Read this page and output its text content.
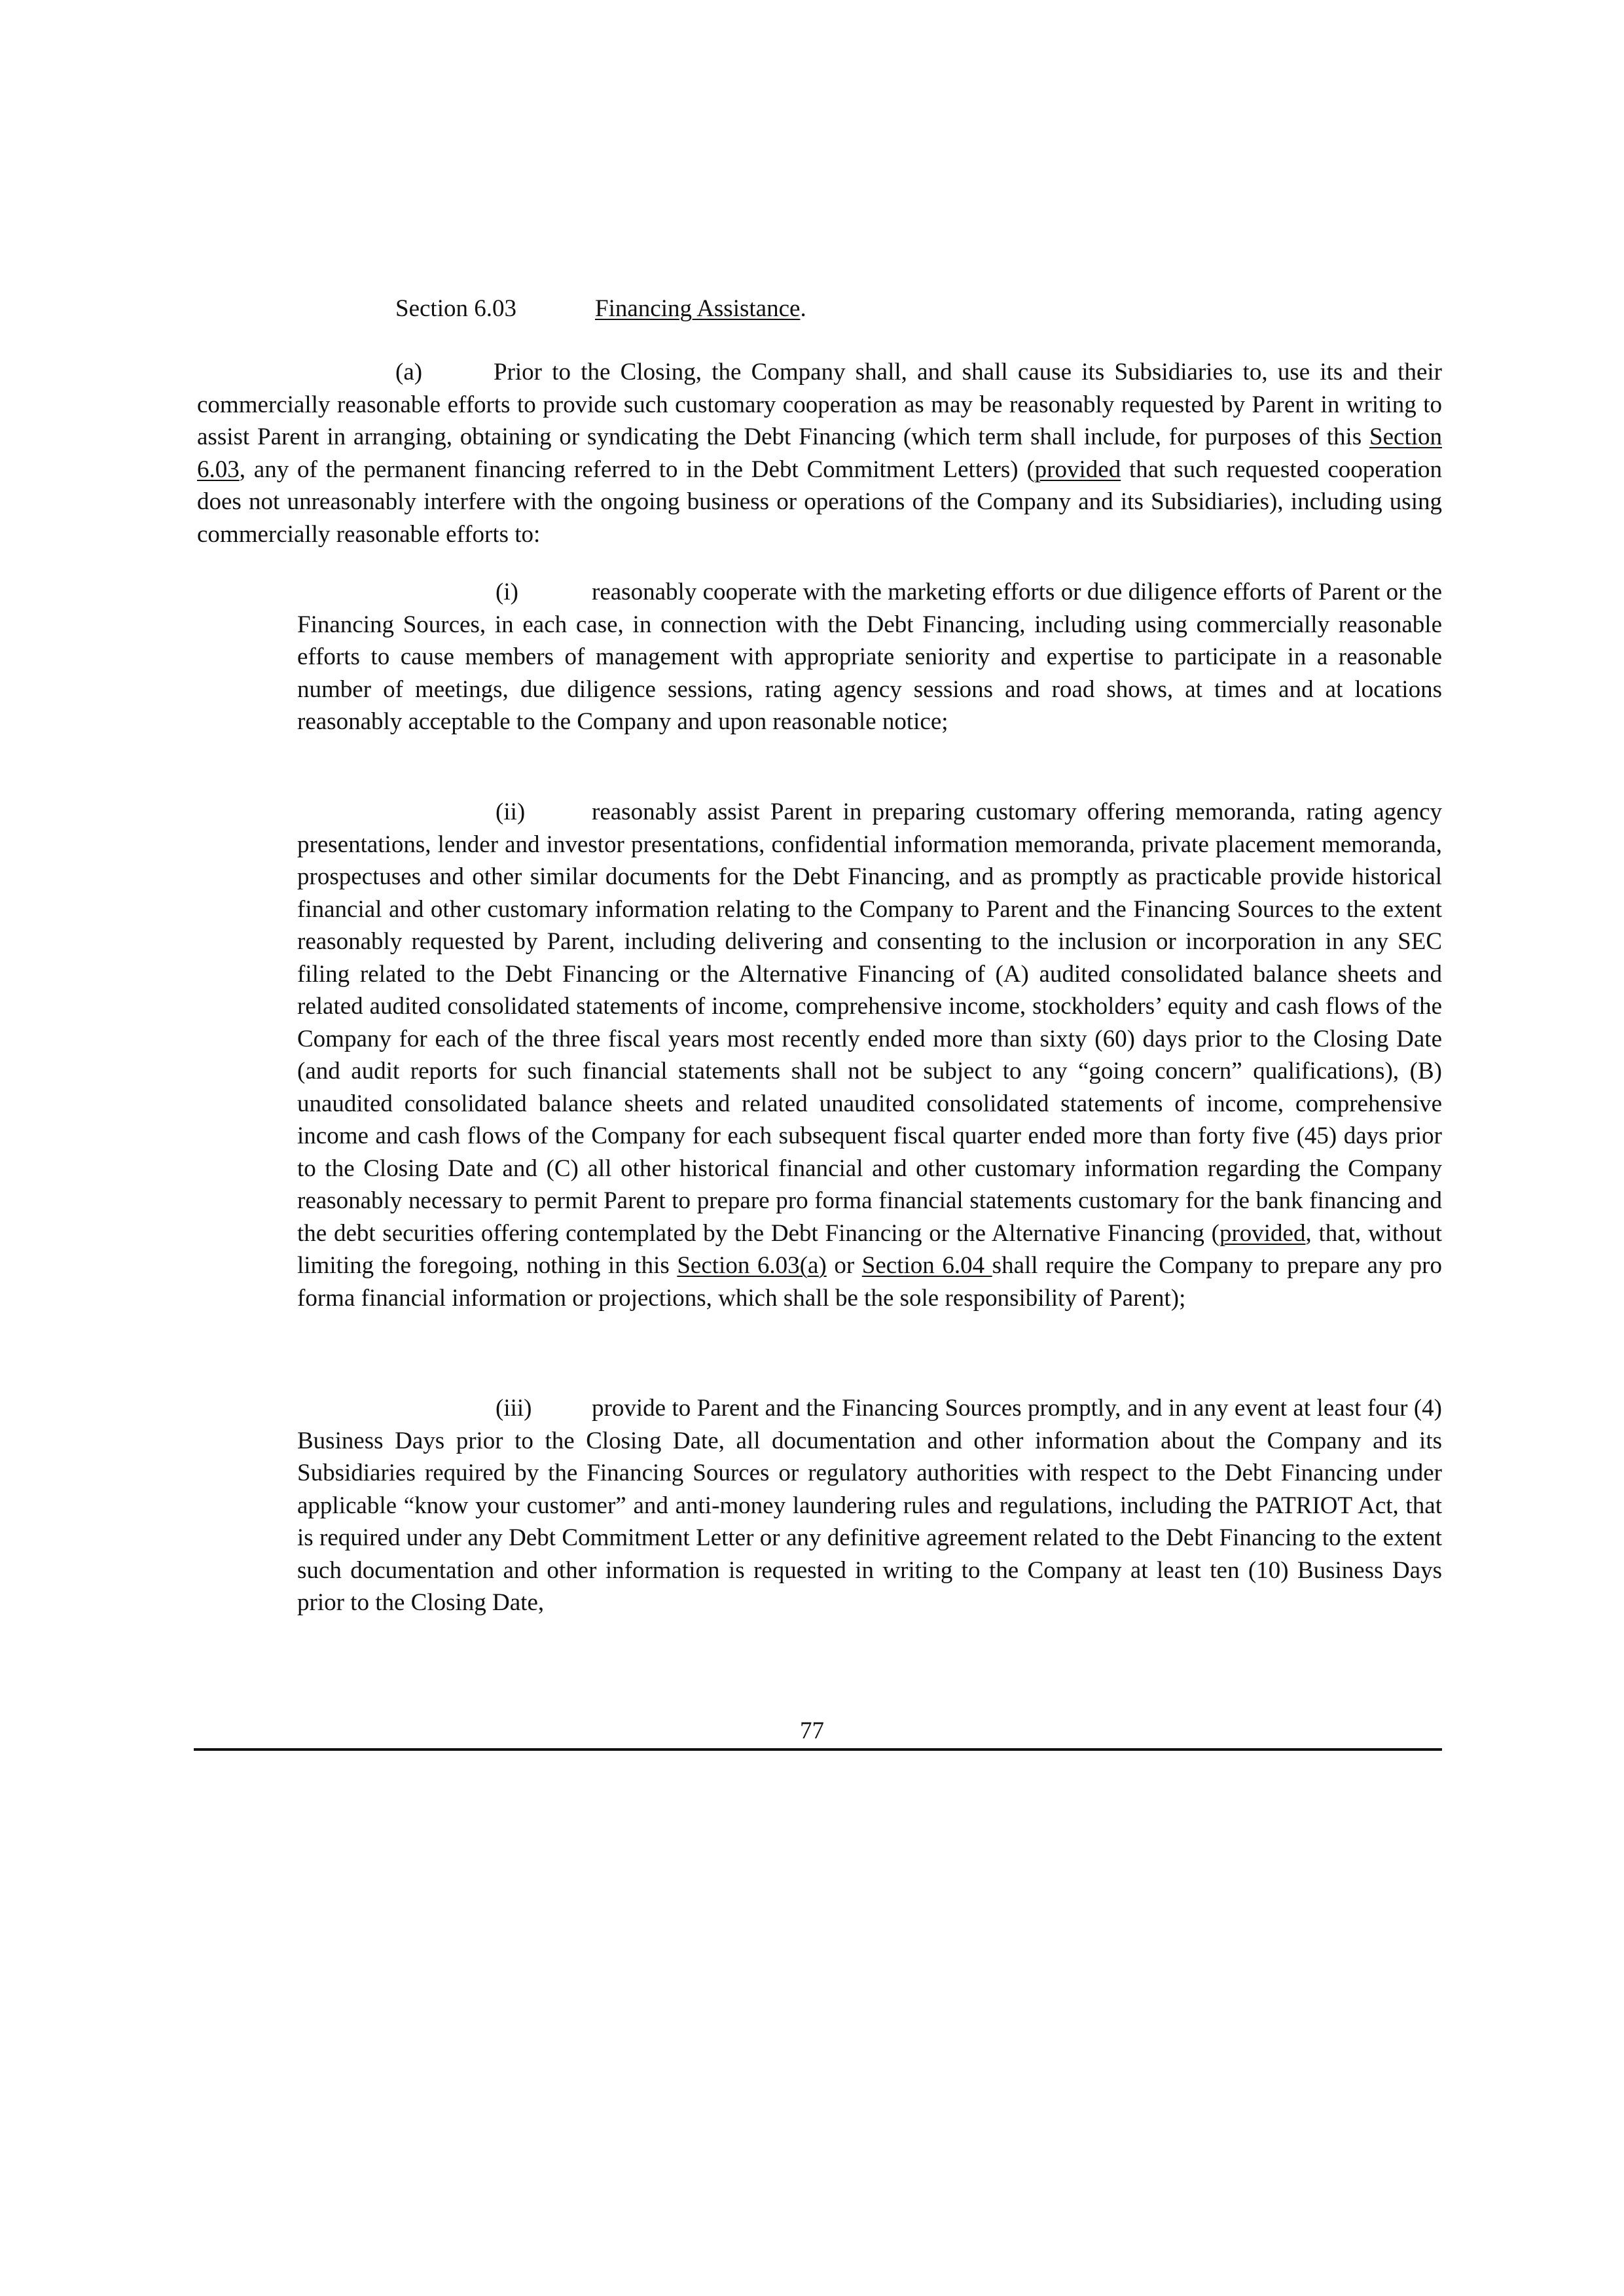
Section 6.03	Financing Assistance.

(a)	Prior to the Closing, the Company shall, and shall cause its Subsidiaries to, use its and their commercially reasonable efforts to provide such customary cooperation as may be reasonably requested by Parent in writing to assist Parent in arranging, obtaining or syndicating the Debt Financing (which term shall include, for purposes of this Section 6.03, any of the permanent financing referred to in the Debt Commitment Letters) (provided that such requested cooperation does not unreasonably interfere with the ongoing business or operations of the Company and its Subsidiaries), including using commercially reasonable efforts to:

(i)	reasonably cooperate with the marketing efforts or due diligence efforts of Parent or the Financing Sources, in each case, in connection with the Debt Financing, including using commercially reasonable efforts to cause members of management with appropriate seniority and expertise to participate in a reasonable number of meetings, due diligence sessions, rating agency sessions and road shows, at times and at locations reasonably acceptable to the Company and upon reasonable notice;

(ii)	reasonably assist Parent in preparing customary offering memoranda, rating agency presentations, lender and investor presentations, confidential information memoranda, private placement memoranda, prospectuses and other similar documents for the Debt Financing, and as promptly as practicable provide historical financial and other customary information relating to the Company to Parent and the Financing Sources to the extent reasonably requested by Parent, including delivering and consenting to the inclusion or incorporation in any SEC filing related to the Debt Financing or the Alternative Financing of (A) audited consolidated balance sheets and related audited consolidated statements of income, comprehensive income, stockholders’ equity and cash flows of the Company for each of the three fiscal years most recently ended more than sixty (60) days prior to the Closing Date (and audit reports for such financial statements shall not be subject to any “going concern” qualifications), (B) unaudited consolidated balance sheets and related unaudited consolidated statements of income, comprehensive income and cash flows of the Company for each subsequent fiscal quarter ended more than forty five (45) days prior to the Closing Date and (C) all other historical financial and other customary information regarding the Company reasonably necessary to permit Parent to prepare pro forma financial statements customary for the bank financing and the debt securities offering contemplated by the Debt Financing or the Alternative Financing (provided, that, without limiting the foregoing, nothing in this Section 6.03(a) or Section 6.04 shall require the Company to prepare any pro forma financial information or projections, which shall be the sole responsibility of Parent);

(iii) provide to Parent and the Financing Sources promptly, and in any event at least four (4) Business Days prior to the Closing Date, all documentation and other information about the Company and its Subsidiaries required by the Financing Sources or regulatory authorities with respect to the Debt Financing under applicable “know your customer” and anti-money laundering rules and regulations, including the PATRIOT Act, that is required under any Debt Commitment Letter or any definitive agreement related to the Debt Financing to the extent such documentation and other information is requested in writing to the Company at least ten (10) Business Days prior to the Closing Date,

77
